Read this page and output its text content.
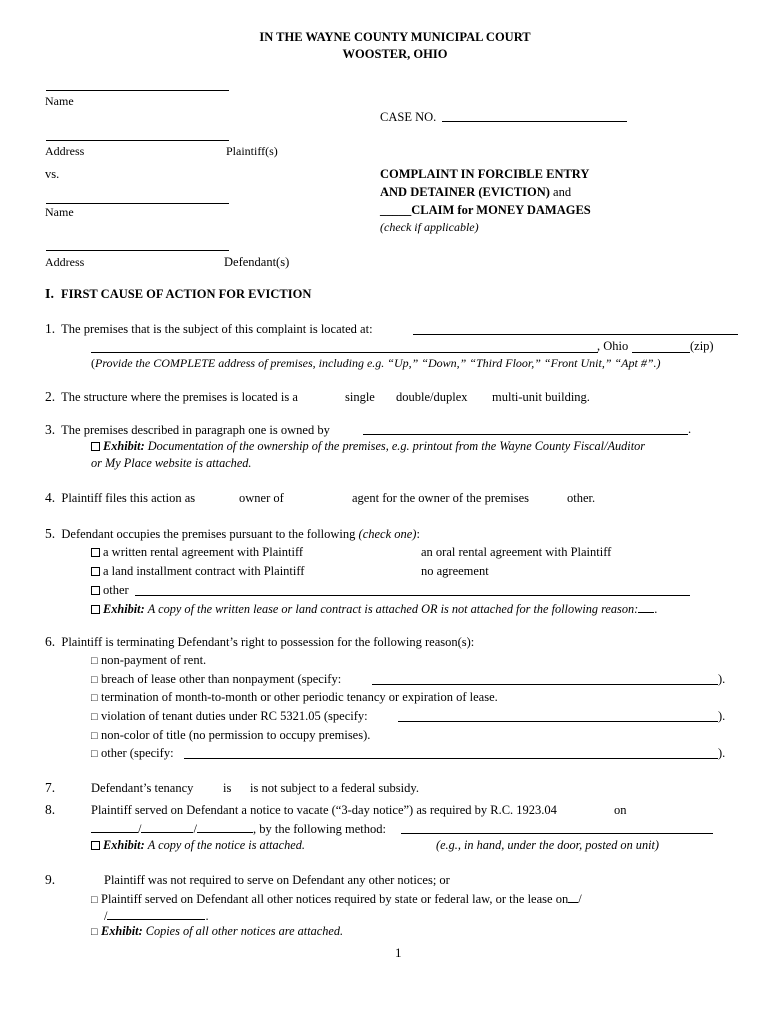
IN THE WAYNE COUNTY MUNICIPAL COURT
WOOSTER, OHIO
Name
CASE NO.
Address	Plaintiff(s)
vs.	COMPLAINT IN FORCIBLE ENTRY
AND DETAINER (EVICTION) and
_____CLAIM for MONEY DAMAGES
(check if applicable)
Name
Address	Defendant(s)
I. FIRST CAUSE OF ACTION FOR EVICTION
1. The premises that is the subject of this complaint is located at:
, Ohio	(zip)
(Provide the COMPLETE address of premises, including e.g. “Up,” “Down,” “Third Floor,” “Front Unit,” “Apt #”.)
2. The structure where the premises is located is a	single double/duplex multi-unit building.
3. The premises described in paragraph one is owned by	.
Exhibit: Documentation of the ownership of the premises, e.g. printout from the Wayne County Fiscal/Auditor
or My Place website is attached.
4. Plaintiff files this action as	owner of	agent for the owner of the premises	other.
5. Defendant occupies the premises pursuant to the following (check one):
a written rental agreement with Plaintiff	an oral rental agreement with Plaintiff
a land installment contract with Plaintiff	no agreement
other
Exhibit: A copy of the written lease or land contract is attached OR is not attached for the following reason: .
6. Plaintiff is terminating Defendant’s right to possession for the following reason(s):
□ non-payment of rent.
□ breach of lease other than nonpayment (specify:	).
□ termination of month-to-month or other periodic tenancy or expiration of lease.
□ violation of tenant duties under RC 5321.05 (specify:	).
□ non-color of title (no permission to occupy premises).
□ other (specify:	).
7.	Defendant’s tenancy is is not subject to a federal subsidy.
8.	Plaintiff served on Defendant a notice to vacate (“3-day notice”) as required by R.C. 1923.04	on
/	/	, by the following method:
Exhibit: A copy of the notice is attached.	(e.g., in hand, under the door, posted on unit)
9.	Plaintiff was not required to serve on Defendant any other notices; or
□ Plaintiff served on Defendant all other notices required by state or federal law, or the lease on /
/	.
□ Exhibit: Copies of all other notices are attached.
1
